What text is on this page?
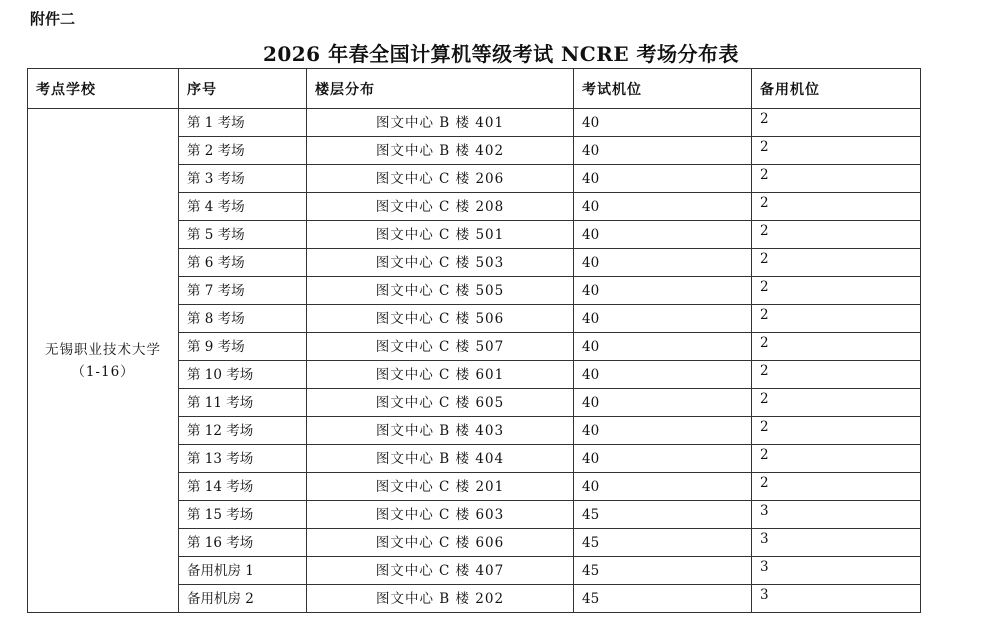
附件二
2026 年春全国计算机等级考试 NCRE 考场分布表
考点学校	序号	楼层分布	考试机位	备用机位

无锡职业技术大学
（1-16）	第 1 考场	图文中心 B 楼 401	40	2
	第 2 考场	图文中心 B 楼 402	40	2
	第 3 考场	图文中心 C 楼 206	40	2
	第 4 考场	图文中心 C 楼 208	40	2
	第 5 考场	图文中心 C 楼 501	40	2
	第 6 考场	图文中心 C 楼 503	40	2
	第 7 考场	图文中心 C 楼 505	40	2
	第 8 考场	图文中心 C 楼 506	40	2
	第 9 考场	图文中心 C 楼 507	40	2
	第 10 考场	图文中心 C 楼 601	40	2
	第 11 考场	图文中心 C 楼 605	40	2
	第 12 考场	图文中心 B 楼 403	40	2
	第 13 考场	图文中心 B 楼 404	40	2
	第 14 考场	图文中心 C 楼 201	40	2
	第 15 考场	图文中心 C 楼 603	45	3
	第 16 考场	图文中心 C 楼 606	45	3
	备用机房 1	图文中心 C 楼 407	45	3
	备用机房 2	图文中心 B 楼 202	45	3
